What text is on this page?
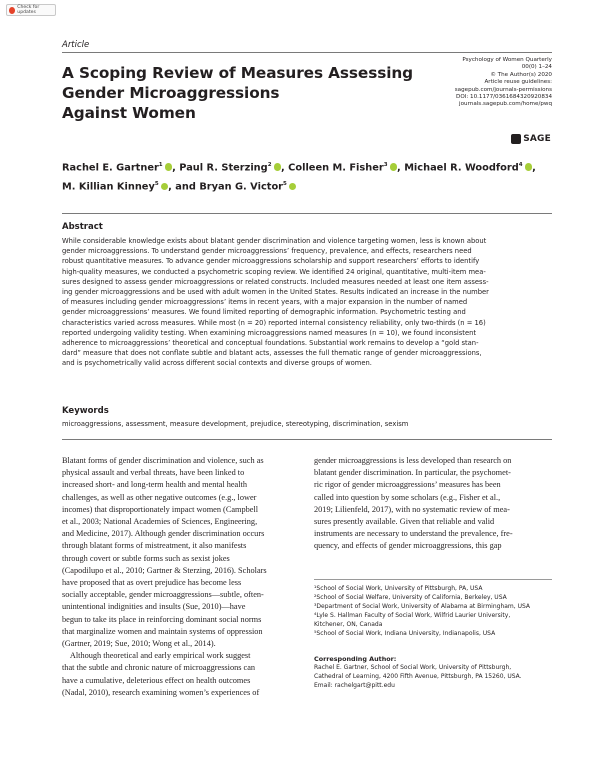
Check for updates
Article
A Scoping Review of Measures Assessing
Gender Microaggressions
Against Women
Psychology of Women Quarterly
00(0) 1–24
© The Author(s) 2020
Article reuse guidelines:
sagepub.com/journals-permissions
DOI: 10.1177/0361684320920834
journals.sagepub.com/home/pwq
SAGE
Rachel E. Gartner$^1$ , Paul R. Sterzing$^2$ , Colleen M. Fisher$^3$ , Michael R. Woodford$^4$ ,
M. Killian Kinney$^5$ , and Bryan G. Victor$^5$
Abstract
While considerable knowledge exists about blatant gender discrimination and violence targeting women, less is known about
gender microaggressions. To understand gender microaggressions’ frequency, prevalence, and effects, researchers need
robust quantitative measures. To advance gender microaggressions scholarship and support researchers’ efforts to identify
high-quality measures, we conducted a psychometric scoping review. We identified 24 original, quantitative, multi-item mea-
sures designed to assess gender microaggressions or related constructs. Included measures needed at least one item assess-
ing gender microaggressions and be used with adult women in the United States. Results indicated an increase in the number
of measures including gender microaggressions’ items in recent years, with a major expansion in the number of named
gender microaggressions’ measures. We found limited reporting of demographic information. Psychometric testing and
characteristics varied across measures. While most (n = 20) reported internal consistency reliability, only two-thirds (n = 16)
reported undergoing validity testing. When examining microaggressions named measures (n = 10), we found inconsistent
adherence to microaggressions’ theoretical and conceptual foundations. Substantial work remains to develop a “gold stan-
dard” measure that does not conflate subtle and blatant acts, assesses the full thematic range of gender microaggressions,
and is psychometrically valid across different social contexts and diverse groups of women.
Keywords
microaggressions, assessment, measure development, prejudice, stereotyping, discrimination, sexism
Blatant forms of gender discrimination and violence, such as
physical assault and verbal threats, have been linked to
increased short- and long-term health and mental health
challenges, as well as other negative outcomes (e.g., lower
incomes) that disproportionately impact women (Campbell
et al., 2003; National Academies of Sciences, Engineering,
and Medicine, 2017). Although gender discrimination occurs
through blatant forms of mistreatment, it also manifests
through covert or subtle forms such as sexist jokes
(Capodilupo et al., 2010; Gartner & Sterzing, 2016). Scholars
have proposed that as overt prejudice has become less
socially acceptable, gender microaggressions—subtle, often-
unintentional indignities and insults (Sue, 2010)—have
begun to take its place in reinforcing dominant social norms
that marginalize women and maintain systems of oppression
(Gartner, 2019; Sue, 2010; Wong et al., 2014).
Although theoretical and early empirical work suggest
that the subtle and chronic nature of microaggressions can
have a cumulative, deleterious effect on health outcomes
(Nadal, 2010), research examining women’s experiences of
gender microaggressions is less developed than research on
blatant gender discrimination. In particular, the psychomet-
ric rigor of gender microaggressions’ measures has been
called into question by some scholars (e.g., Fisher et al.,
2019; Lilienfeld, 2017), with no systematic review of mea-
sures presently available. Given that reliable and valid
instruments are necessary to understand the prevalence, fre-
quency, and effects of gender microaggressions, this gap
¹School of Social Work, University of Pittsburgh, PA, USA
²School of Social Welfare, University of California, Berkeley, USA
³Department of Social Work, University of Alabama at Birmingham, USA
⁴Lyle S. Hallman Faculty of Social Work, Wilfrid Laurier University,
Kitchener, ON, Canada
⁵School of Social Work, Indiana University, Indianapolis, USA
Corresponding Author:
Rachel E. Gartner, School of Social Work, University of Pittsburgh,
Cathedral of Learning, 4200 Fifth Avenue, Pittsburgh, PA 15260, USA.
Email: rachelgart@pitt.edu
